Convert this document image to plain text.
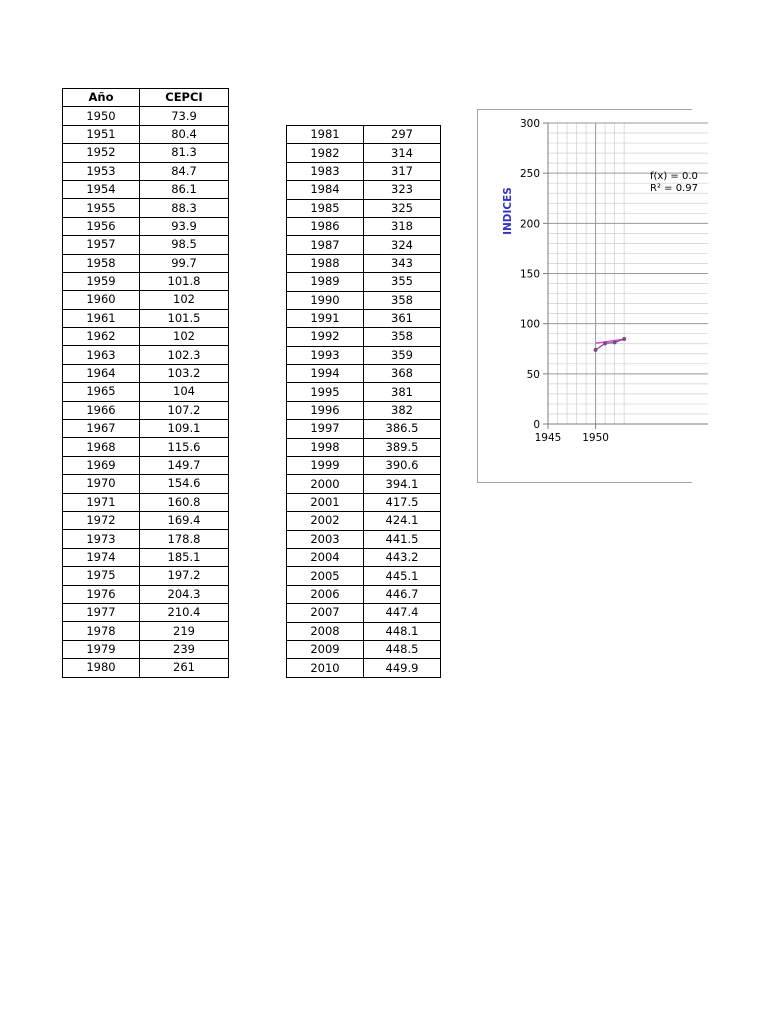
Año	CEPCI
1950	73.9
1951	80.4
1952	81.3
1953	84.7
1954	86.1
1955	88.3
1956	93.9
1957	98.5
1958	99.7
1959	101.8
1960	102
1961	101.5
1962	102
1963	102.3
1964	103.2
1965	104
1966	107.2
1967	109.1
1968	115.6
1969	149.7
1970	154.6
1971	160.8
1972	169.4
1973	178.8
1974	185.1
1975	197.2
1976	204.3
1977	210.4
1978	219
1979	239
1980	261
1981	297
1982	314
1983	317
1984	323
1985	325
1986	318
1987	324
1988	343
1989	355
1990	358
1991	361
1992	358
1993	359
1994	368
1995	381
1996	382
1997	386.5
1998	389.5
1999	390.6
2000	394.1
2001	417.5
2002	424.1
2003	441.5
2004	443.2
2005	445.1
2006	446.7
2007	447.4
2008	448.1
2009	448.5
2010	449.9
0
50
100
150
200
250
300
1945 1950
INDICES
f(x) = 0.0
R² = 0.97
